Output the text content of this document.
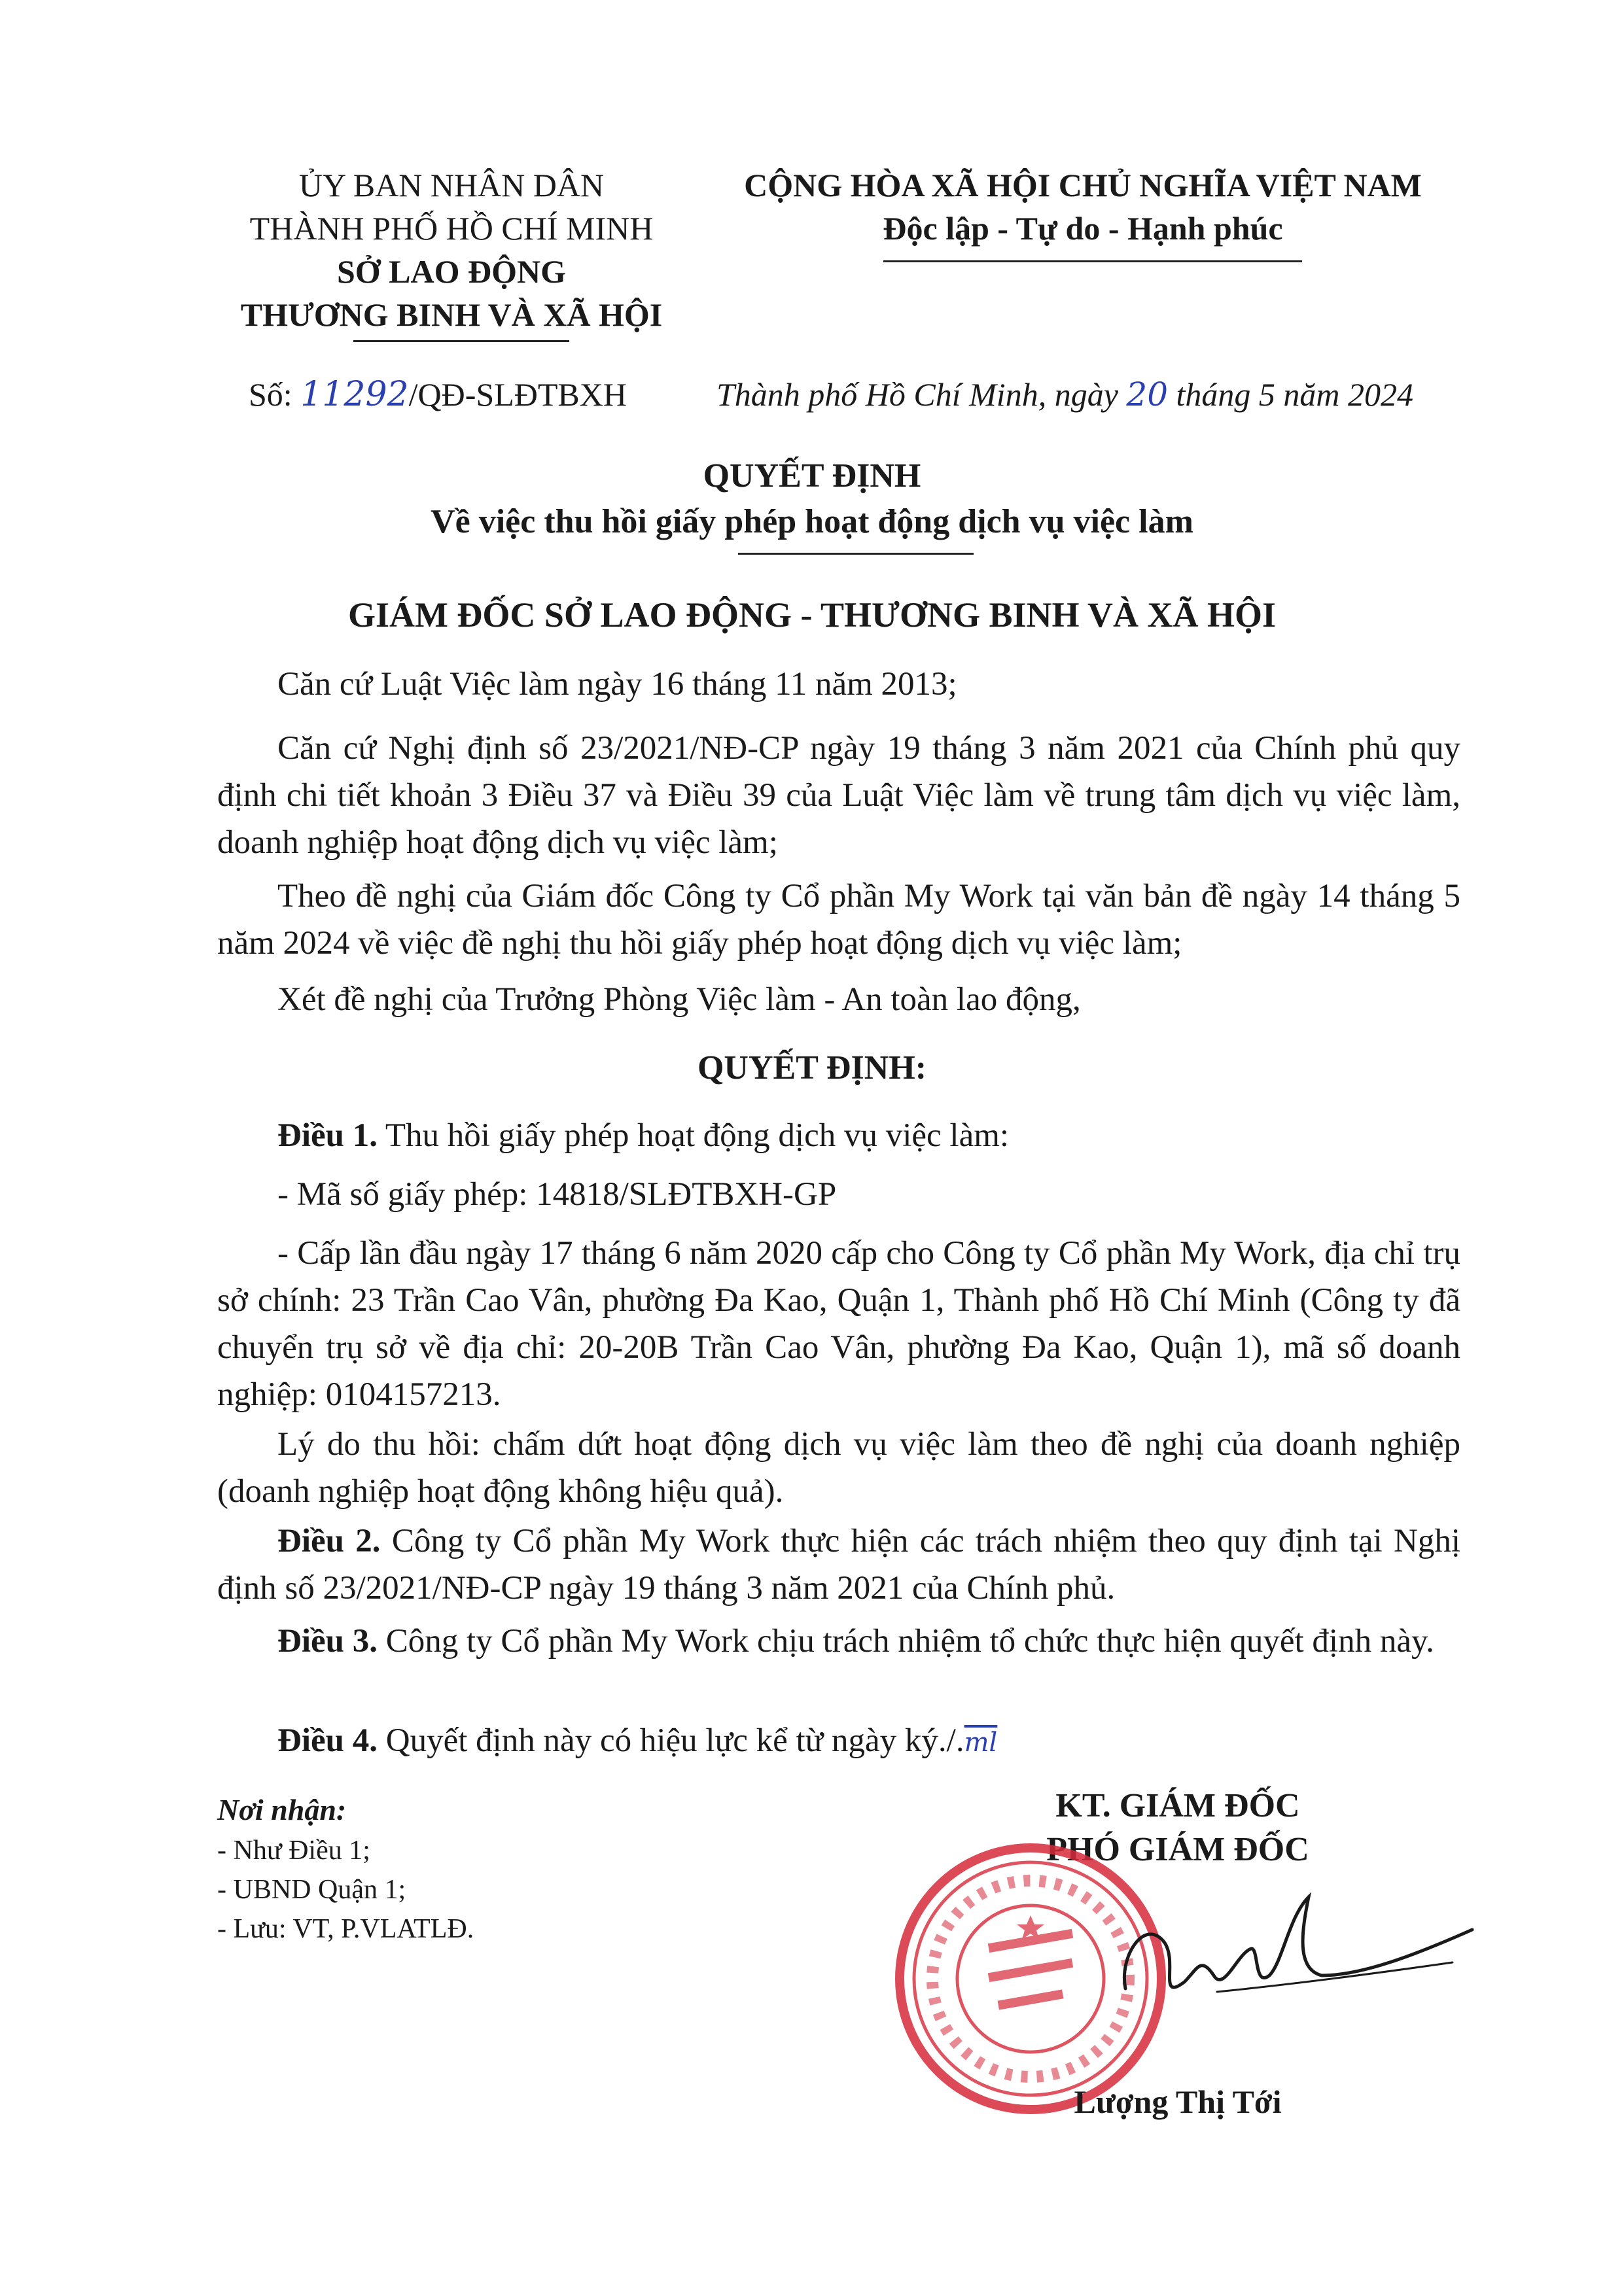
ỦY BAN NHÂN DÂN
THÀNH PHỐ HỒ CHÍ MINH
SỞ LAO ĐỘNG
THƯƠNG BINH VÀ XÃ HỘI
CỘNG HÒA XÃ HỘI CHỦ NGHĨA VIỆT NAM
Độc lập - Tự do - Hạnh phúc
Số: 11292/QĐ-SLĐTBXH	Thành phố Hồ Chí Minh, ngày 20 tháng 5 năm 2024
QUYẾT ĐỊNH
Về việc thu hồi giấy phép hoạt động dịch vụ việc làm
GIÁM ĐỐC SỞ LAO ĐỘNG - THƯƠNG BINH VÀ XÃ HỘI
Căn cứ Luật Việc làm ngày 16 tháng 11 năm 2013;
Căn cứ Nghị định số 23/2021/NĐ-CP ngày 19 tháng 3 năm 2021 của Chính phủ quy định chi tiết khoản 3 Điều 37 và Điều 39 của Luật Việc làm về trung tâm dịch vụ việc làm, doanh nghiệp hoạt động dịch vụ việc làm;
Theo đề nghị của Giám đốc Công ty Cổ phần My Work tại văn bản đề ngày 14 tháng 5 năm 2024 về việc đề nghị thu hồi giấy phép hoạt động dịch vụ việc làm;
Xét đề nghị của Trưởng Phòng Việc làm - An toàn lao động,
QUYẾT ĐỊNH:
Điều 1. Thu hồi giấy phép hoạt động dịch vụ việc làm:
- Mã số giấy phép: 14818/SLĐTBXH-GP
- Cấp lần đầu ngày 17 tháng 6 năm 2020 cấp cho Công ty Cổ phần My Work, địa chỉ trụ sở chính: 23 Trần Cao Vân, phường Đa Kao, Quận 1, Thành phố Hồ Chí Minh (Công ty đã chuyển trụ sở về địa chỉ: 20-20B Trần Cao Vân, phường Đa Kao, Quận 1), mã số doanh nghiệp: 0104157213.
Lý do thu hồi: chấm dứt hoạt động dịch vụ việc làm theo đề nghị của doanh nghiệp (doanh nghiệp hoạt động không hiệu quả).
Điều 2. Công ty Cổ phần My Work thực hiện các trách nhiệm theo quy định tại Nghị định số 23/2021/NĐ-CP ngày 19 tháng 3 năm 2021 của Chính phủ.
Điều 3. Công ty Cổ phần My Work chịu trách nhiệm tổ chức thực hiện quyết định này.
Điều 4. Quyết định này có hiệu lực kể từ ngày $ký./.\overline{ml}$
Nơi nhận:
- Như Điều 1;
- UBND Quận 1;
- Lưu: VT, P.VLATLĐ.
KT. GIÁM ĐỐC
PHÓ GIÁM ĐỐC
Lượng Thị Tới
